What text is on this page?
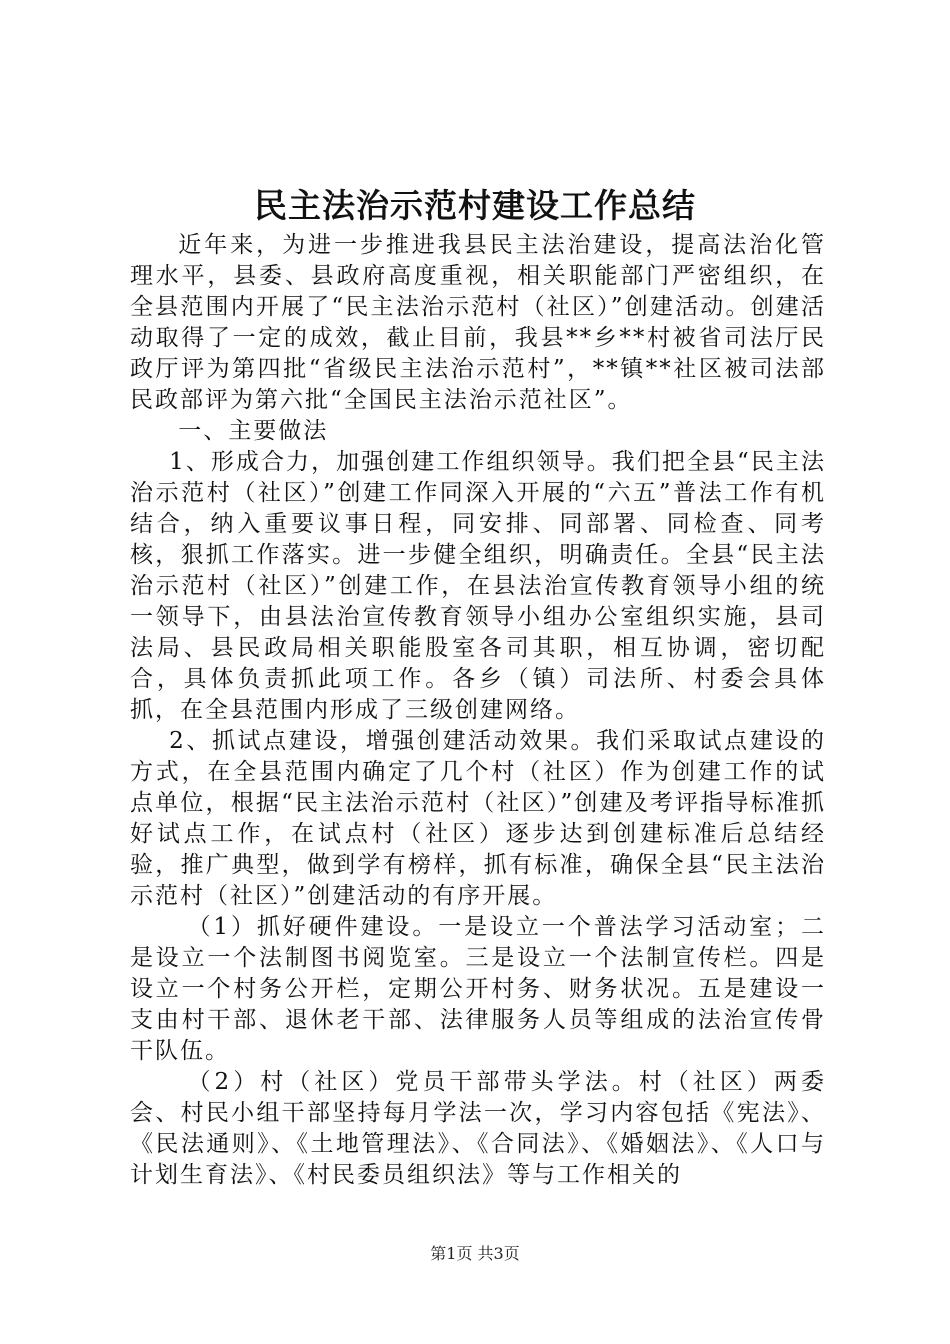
民主法治示范村建设工作总结

近年来，为进一步推进我县民主法治建设，提高法治化管理水平，县委、县政府高度重视，相关职能部门严密组织，在全县范围内开展了“民主法治示范村（社区）”创建活动。创建活动取得了一定的成效，截止目前，我县**乡**村被省司法厅民政厅评为第四批“省级民主法治示范村”，**镇**社区被司法部民政部评为第六批“全国民主法治示范社区”。

一、主要做法

1、形成合力，加强创建工作组织领导。我们把全县“民主法治示范村（社区）”创建工作同深入开展的“六五”普法工作有机结合，纳入重要议事日程，同安排、同部署、同检查、同考核，狠抓工作落实。进一步健全组织，明确责任。全县“民主法治示范村（社区）”创建工作，在县法治宣传教育领导小组的统一领导下，由县法治宣传教育领导小组办公室组织实施，县司法局、县民政局相关职能股室各司其职，相互协调，密切配合，具体负责抓此项工作。各乡（镇）司法所、村委会具体抓，在全县范围内形成了三级创建网络。

2、抓试点建设，增强创建活动效果。我们采取试点建设的方式，在全县范围内确定了几个村（社区）作为创建工作的试点单位，根据“民主法治示范村（社区）”创建及考评指导标准抓好试点工作，在试点村（社区）逐步达到创建标准后总结经验，推广典型，做到学有榜样，抓有标准，确保全县“民主法治示范村（社区）”创建活动的有序开展。

（1）抓好硬件建设。一是设立一个普法学习活动室；二是设立一个法制图书阅览室。三是设立一个法制宣传栏。四是设立一个村务公开栏，定期公开村务、财务状况。五是建设一支由村干部、退休老干部、法律服务人员等组成的法治宣传骨干队伍。

（2）村（社区）党员干部带头学法。村（社区）两委会、村民小组干部坚持每月学法一次，学习内容包括《宪法》、《民法通则》、《土地管理法》、《合同法》、《婚姻法》、《人口与计划生育法》、《村民委员组织法》等与工作相关的

第1页 共3页
